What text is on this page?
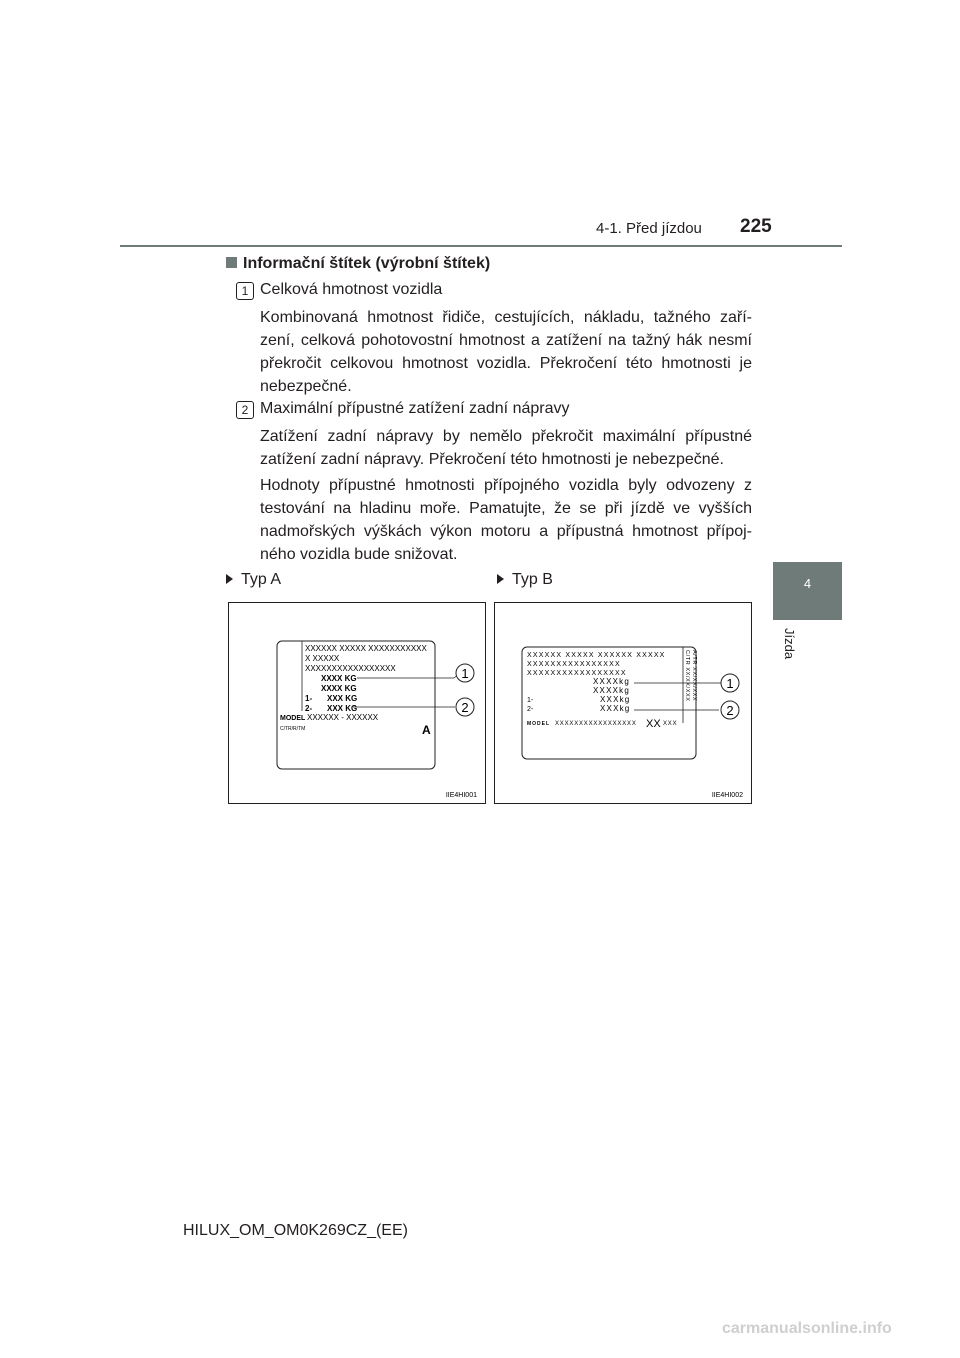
4-1. Před jízdou 225
4
Jízda
Informační štítek (výrobní štítek)
1 Celková hmotnost vozidla
Kombinovaná hmotnost řidiče, cestujících, nákladu, tažného zaří-zení, celková pohotovostní hmotnost a zatížení na tažný hák nesmí překročit celkovou hmotnost vozidla. Překročení této hmotnosti je nebezpečné.
2 Maximální přípustné zatížení zadní nápravy
Zatížení zadní nápravy by nemělo překročit maximální přípustné zatížení zadní nápravy. Překročení této hmotnosti je nebezpečné.
Hodnoty přípustné hmotnosti přípojného vozidla byly odvozeny z testování na hladinu moře. Pamatujte, že se při jízdě ve vyšších nadmořských výškách výkon motoru a přípustná hmotnost přípoj-ného vozidla bude snižovat.
Typ A	Typ B
XXXXXX XXXXX XXXXXXXXXXX
X XXXXX
XXXXXXXXXXXXXXXXX
XXXX KG
XXXX KG
1- XXX KG
2- XXX KG
MODEL XXXXXX - XXXXXX
C/TR/R/TM	A
1
2
IIE4HI001
XXXXXX XXXXX XXXXXX XXXXX
XXXXXXXXXXXXXXXX
XXXXXXXXXXXXXXXXX
XXXXkg
XXXXkg
1-	XXXkg
2-	XXXkg
MODEL XXXXXXXXXXXXXXXXX XX XXX
C/TR XX/XX/XXX A/TR XX/XX/XXX 1
2
IIE4HI002
HILUX_OM_OM0K269CZ_(EE)
carmanualsonline.info
